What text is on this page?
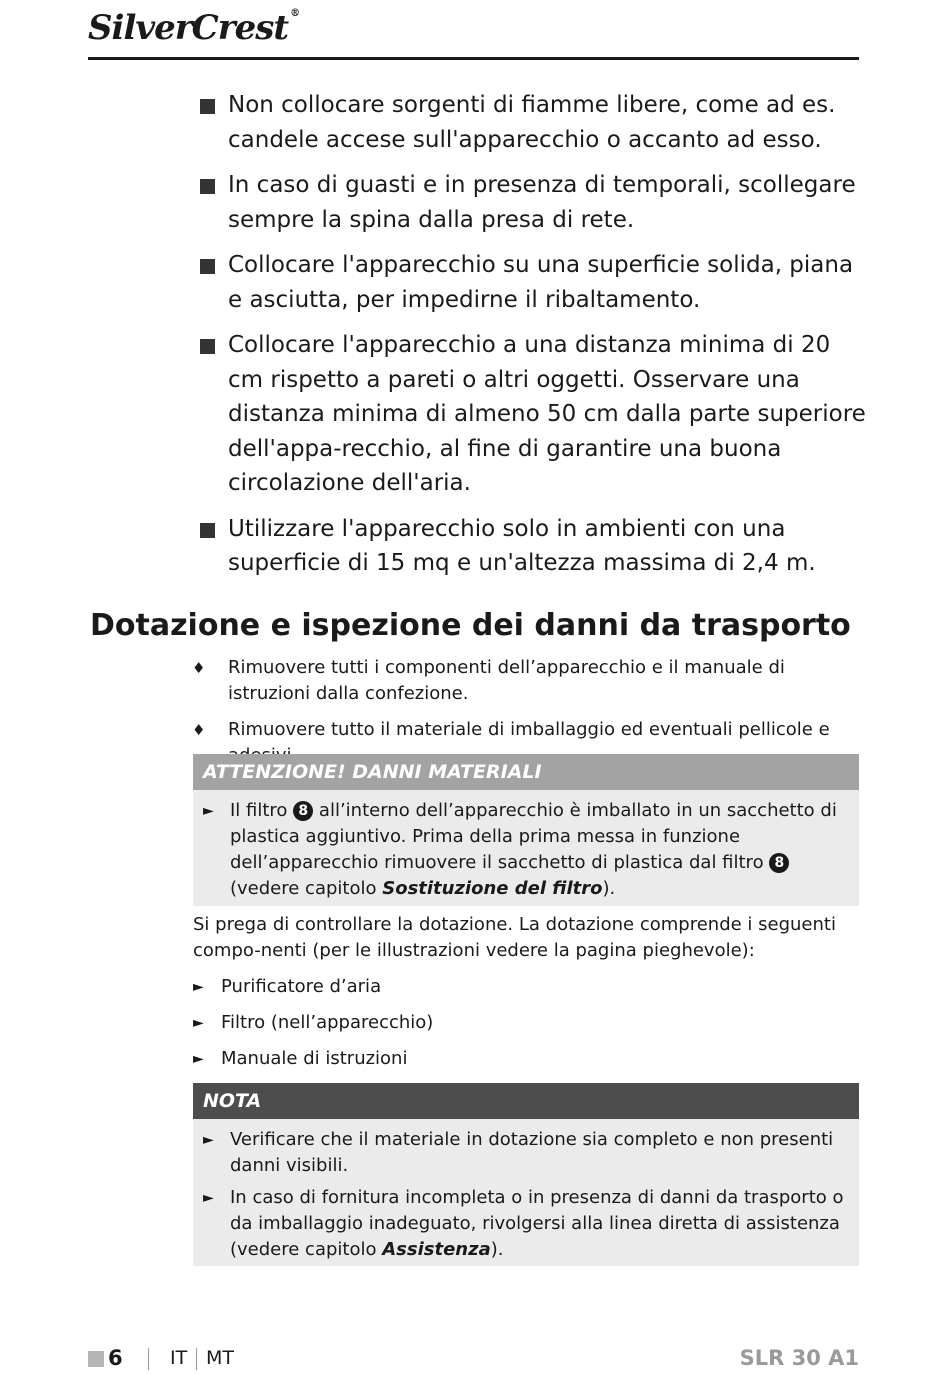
SilverCrest ®
Non collocare sorgenti di fiamme libere, come ad es. candele accese sull'apparecchio o accanto ad esso.
In caso di guasti e in presenza di temporali, scollegare sempre la spina dalla presa di rete.
Collocare l'apparecchio su una superficie solida, piana e asciutta, per impedirne il ribaltamento.
Collocare l'apparecchio a una distanza minima di 20 cm rispetto a pareti o altri oggetti. Osservare una distanza minima di almeno 50 cm dalla parte superiore dell'appa-recchio, al fine di garantire una buona circolazione dell'aria.
Utilizzare l'apparecchio solo in ambienti con una superficie di 15 mq e un'altezza massima di 2,4 m.
Dotazione e ispezione dei danni da trasporto
♦ Rimuovere tutti i componenti dell’apparecchio e il manuale di istruzioni dalla confezione.
♦ Rimuovere tutto il materiale di imballaggio ed eventuali pellicole e
ATTENZIONE! DANNI MATERIALI
► Il filtro 8 all’interno dell’apparecchio è imballato in un sacchetto di plastica aggiuntivo. Prima della prima messa in funzione dell’apparecchio rimuovere il sacchetto di plastica dal filtro 8 (vedere capitolo Sostituzione del filtro).

Si prega di controllare la dotazione. La dotazione comprende i seguenti compo-nenti (per le illustrazioni vedere la pagina pieghevole):

► Purificatore d’aria
► Filtro (nell’apparecchio)
► Manuale di istruzioni
NOTA
► Verificare che il materiale in dotazione sia completo e non presenti danni visibili.
► In caso di fornitura incompleta o in presenza di danni da trasporto o da imballaggio inadeguato, rivolgersi alla linea diretta di assistenza (vedere capitolo Assistenza).
6 IT MT	SLR 30 A1
